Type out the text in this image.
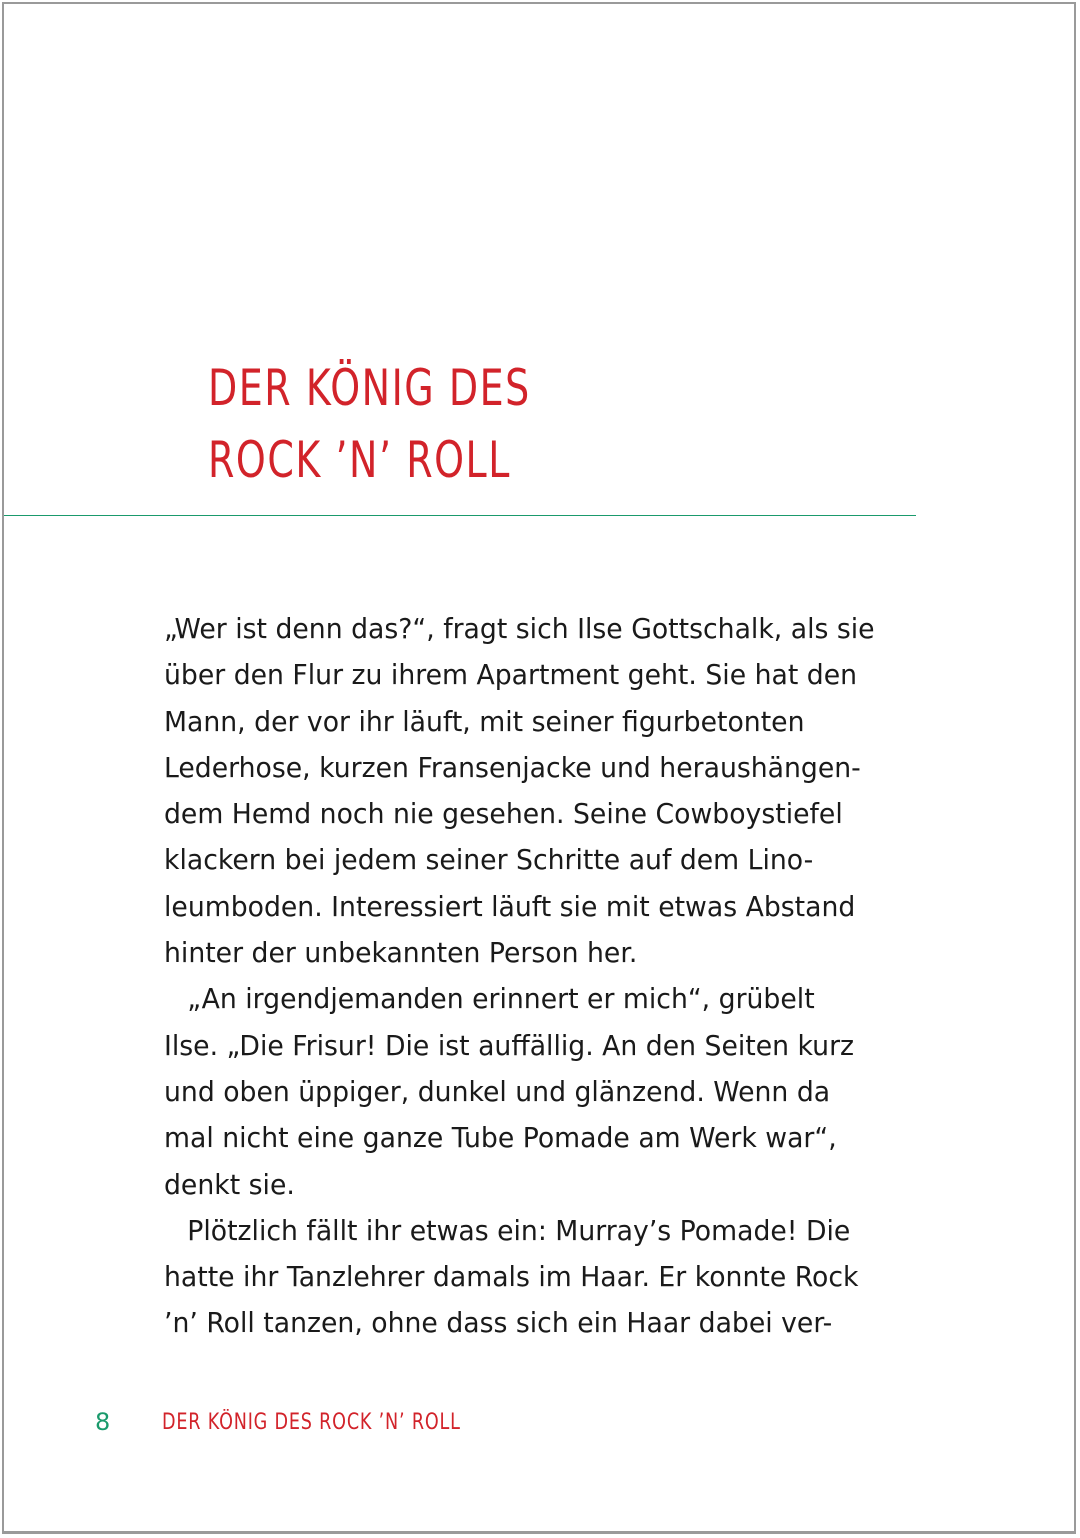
DER KÖNIG DES
ROCK ’N’ ROLL
„Wer ist denn das?“, fragt sich Ilse Gottschalk, als sie
über den Flur zu ihrem Apartment geht. Sie hat den
Mann, der vor ihr läuft, mit seiner figurbetonten
Lederhose, kurzen Fransenjacke und heraushängen-
dem Hemd noch nie gesehen. Seine Cowboystiefel
klackern bei jedem seiner Schritte auf dem Lino-
leumboden. Interessiert läuft sie mit etwas Abstand
hinter der unbekannten Person her.
„An irgendjemanden erinnert er mich“, grübelt
Ilse. „Die Frisur! Die ist auffällig. An den Seiten kurz
und oben üppiger, dunkel und glänzend. Wenn da
mal nicht eine ganze Tube Pomade am Werk war“,
denkt sie.
Plötzlich fällt ihr etwas ein: Murray’s Pomade! Die
hatte ihr Tanzlehrer damals im Haar. Er konnte Rock
’n’ Roll tanzen, ohne dass sich ein Haar dabei ver-
8 DER KÖNIG DES ROCK ’N’ ROLL
